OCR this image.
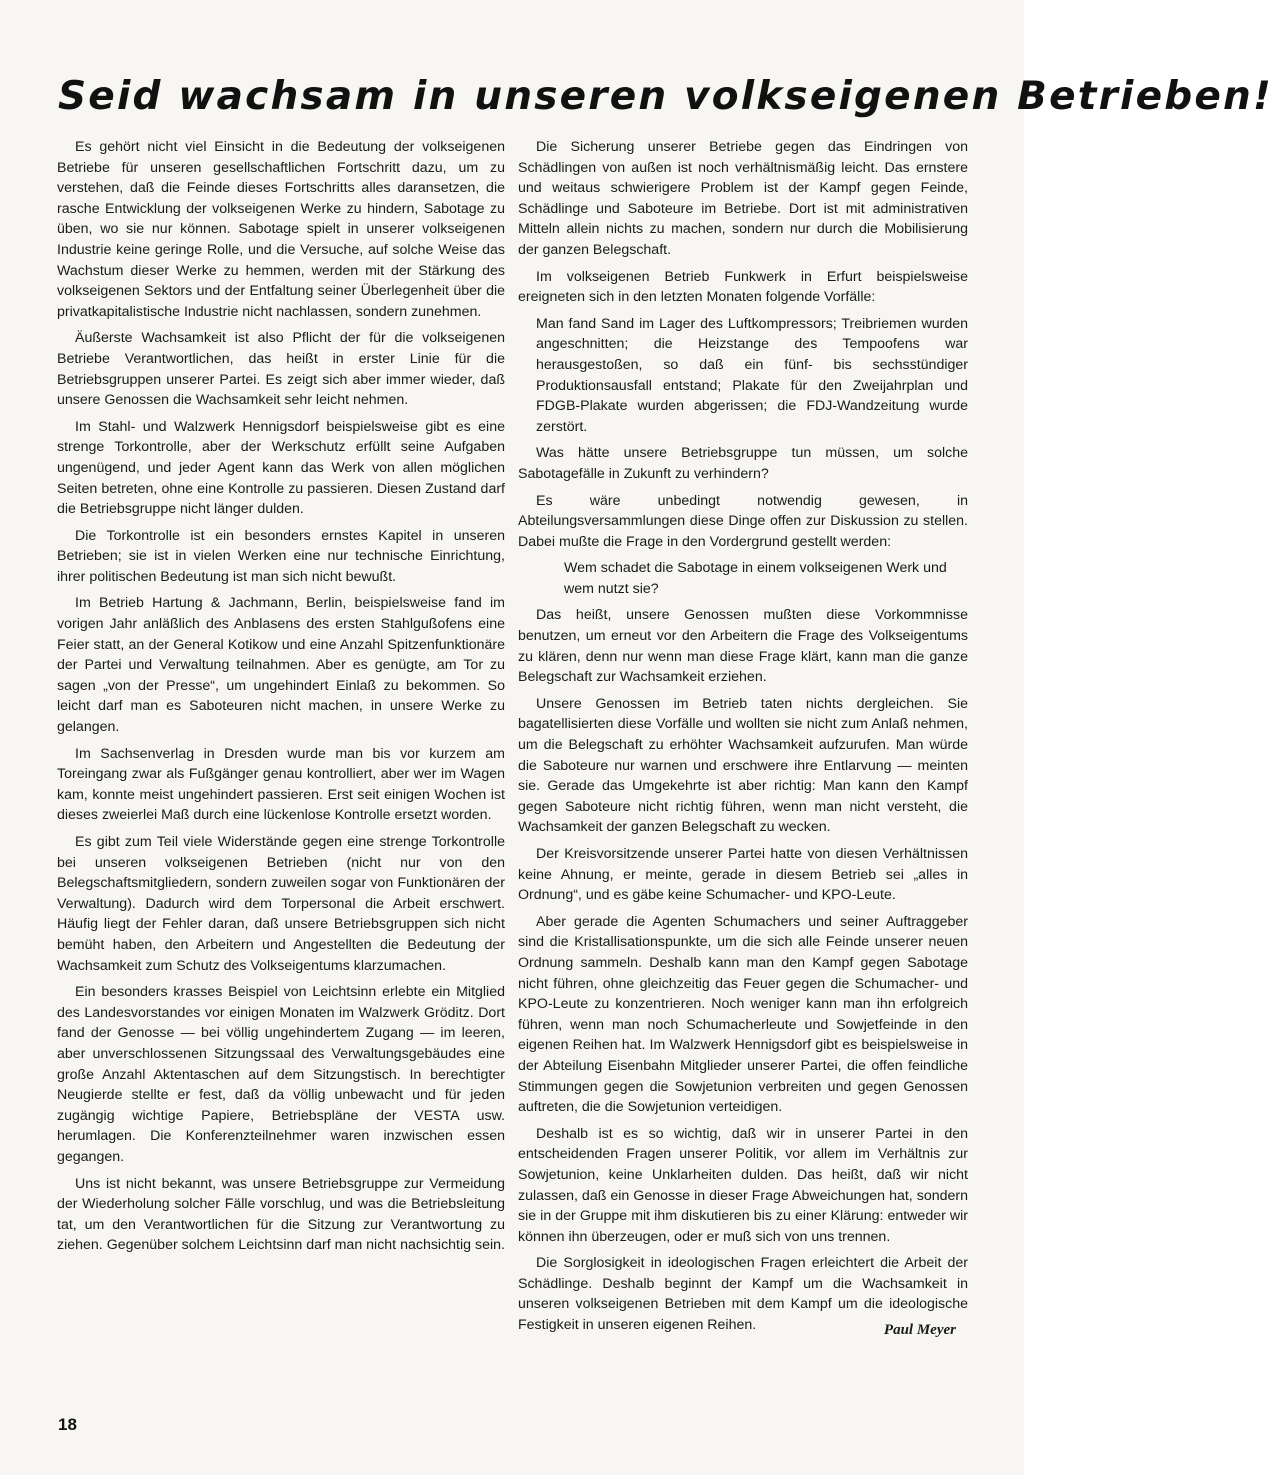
Seid wachsam in unseren volkseigenen Betrieben!

Es gehört nicht viel Einsicht in die Bedeutung der volkseigenen Betriebe für unseren gesellschaftlichen Fortschritt dazu, um zu verstehen, daß die Feinde dieses Fortschritts alles daransetzen, die rasche Entwicklung der volkseigenen Werke zu hindern, Sabotage zu üben, wo sie nur können. Sabotage spielt in unserer volkseigenen Industrie keine geringe Rolle, und die Versuche, auf solche Weise das Wachstum dieser Werke zu hemmen, werden mit der Stärkung des volkseigenen Sektors und der Entfaltung seiner Überlegenheit über die privatkapitalistische Industrie nicht nachlassen, sondern zunehmen.

Äußerste Wachsamkeit ist also Pflicht der für die volkseigenen Betriebe Verantwortlichen, das heißt in erster Linie für die Betriebsgruppen unserer Partei. Es zeigt sich aber immer wieder, daß unsere Genossen die Wachsamkeit sehr leicht nehmen.

Im Stahl- und Walzwerk Hennigsdorf beispielsweise gibt es eine strenge Torkontrolle, aber der Werkschutz erfüllt seine Aufgaben ungenügend, und jeder Agent kann das Werk von allen möglichen Seiten betreten, ohne eine Kontrolle zu passieren. Diesen Zustand darf die Betriebsgruppe nicht länger dulden.

Die Torkontrolle ist ein besonders ernstes Kapitel in unseren Betrieben; sie ist in vielen Werken eine nur technische Einrichtung, ihrer politischen Bedeutung ist man sich nicht bewußt.

Im Betrieb Hartung & Jachmann, Berlin, beispielsweise fand im vorigen Jahr anläßlich des Anblasens des ersten Stahlgußofens eine Feier statt, an der General Kotikow und eine Anzahl Spitzenfunktionäre der Partei und Verwaltung teilnahmen. Aber es genügte, am Tor zu sagen „von der Presse“, um ungehindert Einlaß zu bekommen. So leicht darf man es Saboteuren nicht machen, in unsere Werke zu gelangen.

Im Sachsenverlag in Dresden wurde man bis vor kurzem am Toreingang zwar als Fußgänger genau kontrolliert, aber wer im Wagen kam, konnte meist ungehindert passieren. Erst seit einigen Wochen ist dieses zweierlei Maß durch eine lückenlose Kontrolle ersetzt worden.

Es gibt zum Teil viele Widerstände gegen eine strenge Torkontrolle bei unseren volkseigenen Betrieben (nicht nur von den Belegschaftsmitgliedern, sondern zuweilen sogar von Funktionären der Verwaltung). Dadurch wird dem Torpersonal die Arbeit erschwert. Häufig liegt der Fehler daran, daß unsere Betriebsgruppen sich nicht bemüht haben, den Arbeitern und Angestellten die Bedeutung der Wachsamkeit zum Schutz des Volkseigentums klarzumachen.

Ein besonders krasses Beispiel von Leichtsinn erlebte ein Mitglied des Landesvorstandes vor einigen Monaten im Walzwerk Gröditz. Dort fand der Genosse — bei völlig ungehindertem Zugang — im leeren, aber unverschlossenen Sitzungssaal des Verwaltungsgebäudes eine große Anzahl Aktentaschen auf dem Sitzungstisch. In berechtigter Neugierde stellte er fest, daß da völlig unbewacht und für jeden zugängig wichtige Papiere, Betriebspläne der VESTA usw. herumlagen. Die Konferenzteilnehmer waren inzwischen essen gegangen.

Uns ist nicht bekannt, was unsere Betriebsgruppe zur Vermeidung der Wiederholung solcher Fälle vorschlug, und was die Betriebsleitung tat, um den Verantwortlichen für die Sitzung zur Verantwortung zu ziehen. Gegenüber solchem Leichtsinn darf man nicht nachsichtig sein.

Die Sicherung unserer Betriebe gegen das Eindringen von Schädlingen von außen ist noch verhältnismäßig leicht. Das ernstere und weitaus schwierigere Problem ist der Kampf gegen Feinde, Schädlinge und Saboteure im Betriebe. Dort ist mit administrativen Mitteln allein nichts zu machen, sondern nur durch die Mobilisierung der ganzen Belegschaft.

Im volkseigenen Betrieb Funkwerk in Erfurt beispielsweise ereigneten sich in den letzten Monaten folgende Vorfälle:

Man fand Sand im Lager des Luftkompressors; Treibriemen wurden angeschnitten; die Heizstange des Tempoofens war herausgestoßen, so daß ein fünf- bis sechsstündiger Produktionsausfall entstand; Plakate für den Zweijahrplan und FDGB-Plakate wurden abgerissen; die FDJ-Wandzeitung wurde zerstört.

Was hätte unsere Betriebsgruppe tun müssen, um solche Sabotagefälle in Zukunft zu verhindern?

Es wäre unbedingt notwendig gewesen, in Abteilungsversammlungen diese Dinge offen zur Diskussion zu stellen. Dabei mußte die Frage in den Vordergrund gestellt werden:

Wem schadet die Sabotage in einem volkseigenen Werk und wem nutzt sie?

Das heißt, unsere Genossen mußten diese Vorkommnisse benutzen, um erneut vor den Arbeitern die Frage des Volkseigentums zu klären, denn nur wenn man diese Frage klärt, kann man die ganze Belegschaft zur Wachsamkeit erziehen.

Unsere Genossen im Betrieb taten nichts dergleichen. Sie bagatellisierten diese Vorfälle und wollten sie nicht zum Anlaß nehmen, um die Belegschaft zu erhöhter Wachsamkeit aufzurufen. Man würde die Saboteure nur warnen und erschwere ihre Entlarvung — meinten sie. Gerade das Umgekehrte ist aber richtig: Man kann den Kampf gegen Saboteure nicht richtig führen, wenn man nicht versteht, die Wachsamkeit der ganzen Belegschaft zu wecken.

Der Kreisvorsitzende unserer Partei hatte von diesen Verhältnissen keine Ahnung, er meinte, gerade in diesem Betrieb sei „alles in Ordnung“, und es gäbe keine Schumacher- und KPO-Leute.

Aber gerade die Agenten Schumachers und seiner Auftraggeber sind die Kristallisationspunkte, um die sich alle Feinde unserer neuen Ordnung sammeln. Deshalb kann man den Kampf gegen Sabotage nicht führen, ohne gleichzeitig das Feuer gegen die Schumacher- und KPO-Leute zu konzentrieren. Noch weniger kann man ihn erfolgreich führen, wenn man noch Schumacherleute und Sowjetfeinde in den eigenen Reihen hat. Im Walzwerk Hennigsdorf gibt es beispielsweise in der Abteilung Eisenbahn Mitglieder unserer Partei, die offen feindliche Stimmungen gegen die Sowjetunion verbreiten und gegen Genossen auftreten, die die Sowjetunion verteidigen.

Deshalb ist es so wichtig, daß wir in unserer Partei in den entscheidenden Fragen unserer Politik, vor allem im Verhältnis zur Sowjetunion, keine Unklarheiten dulden. Das heißt, daß wir nicht zulassen, daß ein Genosse in dieser Frage Abweichungen hat, sondern sie in der Gruppe mit ihm diskutieren bis zu einer Klärung: entweder wir können ihn überzeugen, oder er muß sich von uns trennen.

Die Sorglosigkeit in ideologischen Fragen erleichtert die Arbeit der Schädlinge. Deshalb beginnt der Kampf um die Wachsamkeit in unseren volkseigenen Betrieben mit dem Kampf um die ideologische Festigkeit in unseren eigenen Reihen.	Paul Meyer
18
